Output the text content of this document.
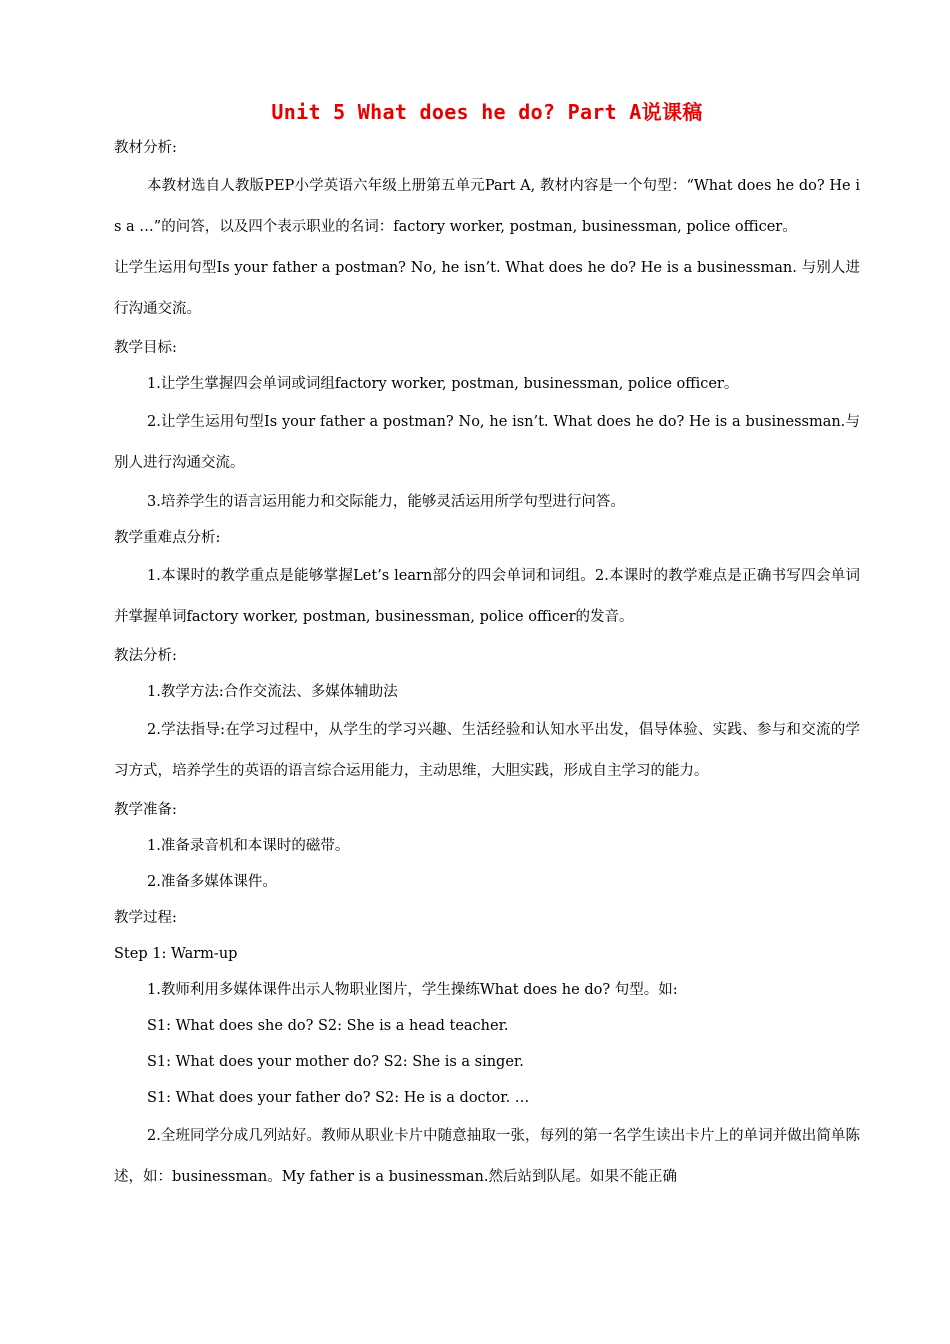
Unit 5 What does he do? Part A说课稿

教材分析:

本教材选自人教版PEP小学英语六年级上册第五单元Part A, 教材内容是一个句型：“What does he do? He is a …”的问答，以及四个表示职业的名词：factory worker, postman, businessman, police officer。

让学生运用句型Is your father a postman? No, he isn’t. What does he do? He is a businessman. 与别人进行沟通交流。

教学目标:

1.让学生掌握四会单词或词组factory worker, postman, businessman, police officer。

2.让学生运用句型Is your father a postman? No, he isn’t. What does he do? He is a businessman.与别人进行沟通交流。

3.培养学生的语言运用能力和交际能力，能够灵活运用所学句型进行问答。

教学重难点分析:

1.本课时的教学重点是能够掌握Let’s learn部分的四会单词和词组。2.本课时的教学难点是正确书写四会单词并掌握单词factory worker, postman, businessman, police officer的发音。

教法分析:

1.教学方法:合作交流法、多媒体辅助法

2.学法指导:在学习过程中，从学生的学习兴趣、生活经验和认知水平出发，倡导体验、实践、参与和交流的学习方式，培养学生的英语的语言综合运用能力，主动思维，大胆实践，形成自主学习的能力。

教学准备:

1.准备录音机和本课时的磁带。

2.准备多媒体课件。

教学过程:

Step 1: Warm-up

1.教师利用多媒体课件出示人物职业图片，学生操练What does he do? 句型。如:

S1: What does she do? S2: She is a head teacher.

S1: What does your mother do? S2: She is a singer.

S1: What does your father do? S2: He is a doctor. …

2.全班同学分成几列站好。教师从职业卡片中随意抽取一张，每列的第一名学生读出卡片上的单词并做出简单陈述，如：businessman。My father is a businessman.然后站到队尾。如果不能正确
